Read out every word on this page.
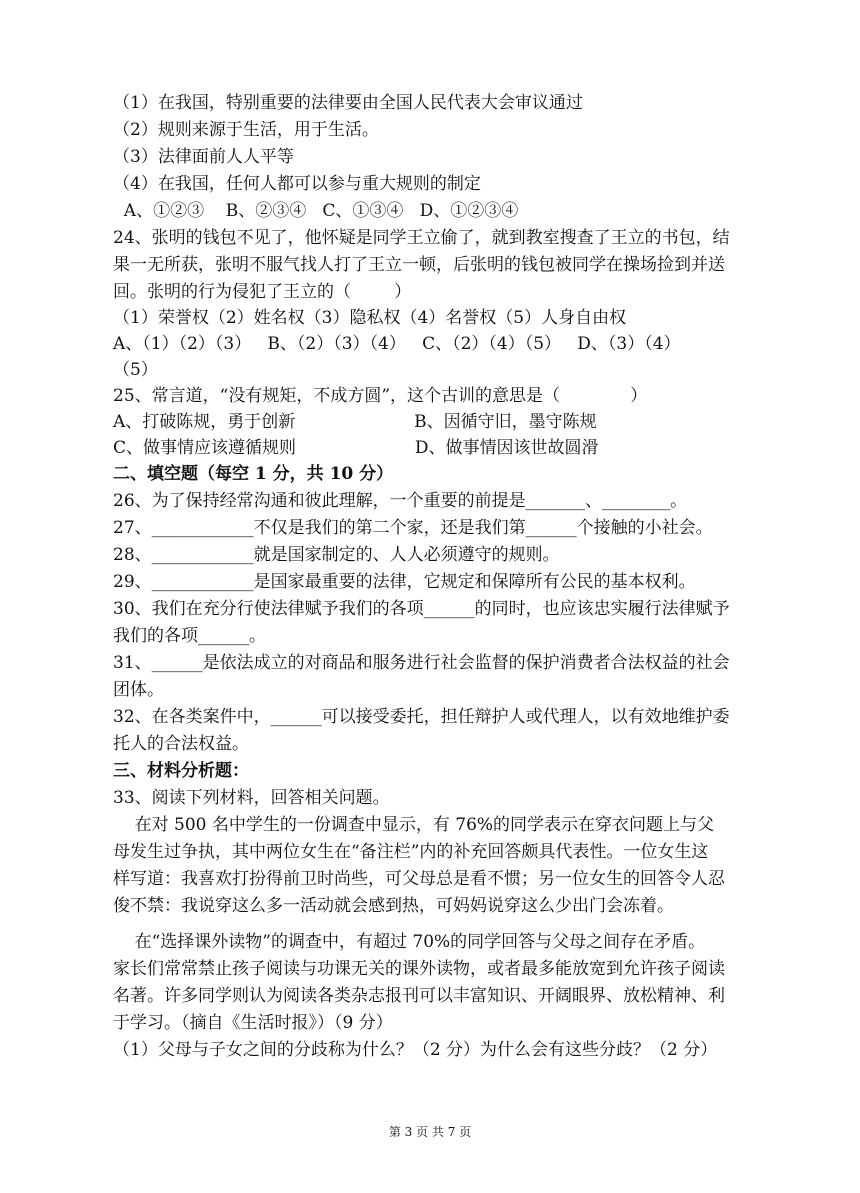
（1）在我国，特别重要的法律要由全国人民代表大会审议通过
（2）规则来源于生活，用于生活。
（3）法律面前人人平等
（4）在我国，任何人都可以参与重大规则的制定
A、①②③    B、②③④   C、①③④   D、①②③④
24、张明的钱包不见了，他怀疑是同学王立偷了，就到教室搜查了王立的书包，结
果一无所获，张明不服气找人打了王立一顿，后张明的钱包被同学在操场捡到并送
回。张明的行为侵犯了王立的（        ）
（1）荣誉权（2）姓名权（3）隐私权（4）名誉权（5）人身自由权
A、（1）（2）（3）   B、（2）（3）（4）   C、（2）（4）（5）   D、（3）（4）
（5）
25、常言道，“没有规矩，不成方圆”，这个古训的意思是（             ）
A、打破陈规，勇于创新                      B、因循守旧，墨守陈规
C、做事情应该遵循规则                      D、做事情因该世故圆滑
二、填空题（每空 1 分，共 10 分）
26、为了保持经常沟通和彼此理解，一个重要的前提是_______、________。
27、____________不仅是我们的第二个家，还是我们第______个接触的小社会。
28、____________就是国家制定的、人人必须遵守的规则。
29、____________是国家最重要的法律，它规定和保障所有公民的基本权利。
30、我们在充分行使法律赋予我们的各项______的同时，也应该忠实履行法律赋予
我们的各项______。
31、______是依法成立的对商品和服务进行社会监督的保护消费者合法权益的社会
团体。
32、在各类案件中，______可以接受委托，担任辩护人或代理人，以有效地维护委
托人的合法权益。
三、材料分析题：
33、阅读下列材料，回答相关问题。
在对 500 名中学生的一份调查中显示，有 76%的同学表示在穿衣问题上与父
母发生过争执，其中两位女生在“备注栏”内的补充回答颇具代表性。一位女生这
样写道：我喜欢打扮得前卫时尚些，可父母总是看不惯；另一位女生的回答令人忍
俊不禁：我说穿这么多一活动就会感到热，可妈妈说穿这么少出门会冻着。
在“选择课外读物”的调查中，有超过 70%的同学回答与父母之间存在矛盾。
家长们常常禁止孩子阅读与功课无关的课外读物，或者最多能放宽到允许孩子阅读
名著。许多同学则认为阅读各类杂志报刊可以丰富知识、开阔眼界、放松精神、利
于学习。（摘自《生活时报》）（9 分）
（1）父母与子女之间的分歧称为什么？（2 分）为什么会有这些分歧？（2 分）
第 3 页 共 7 页
